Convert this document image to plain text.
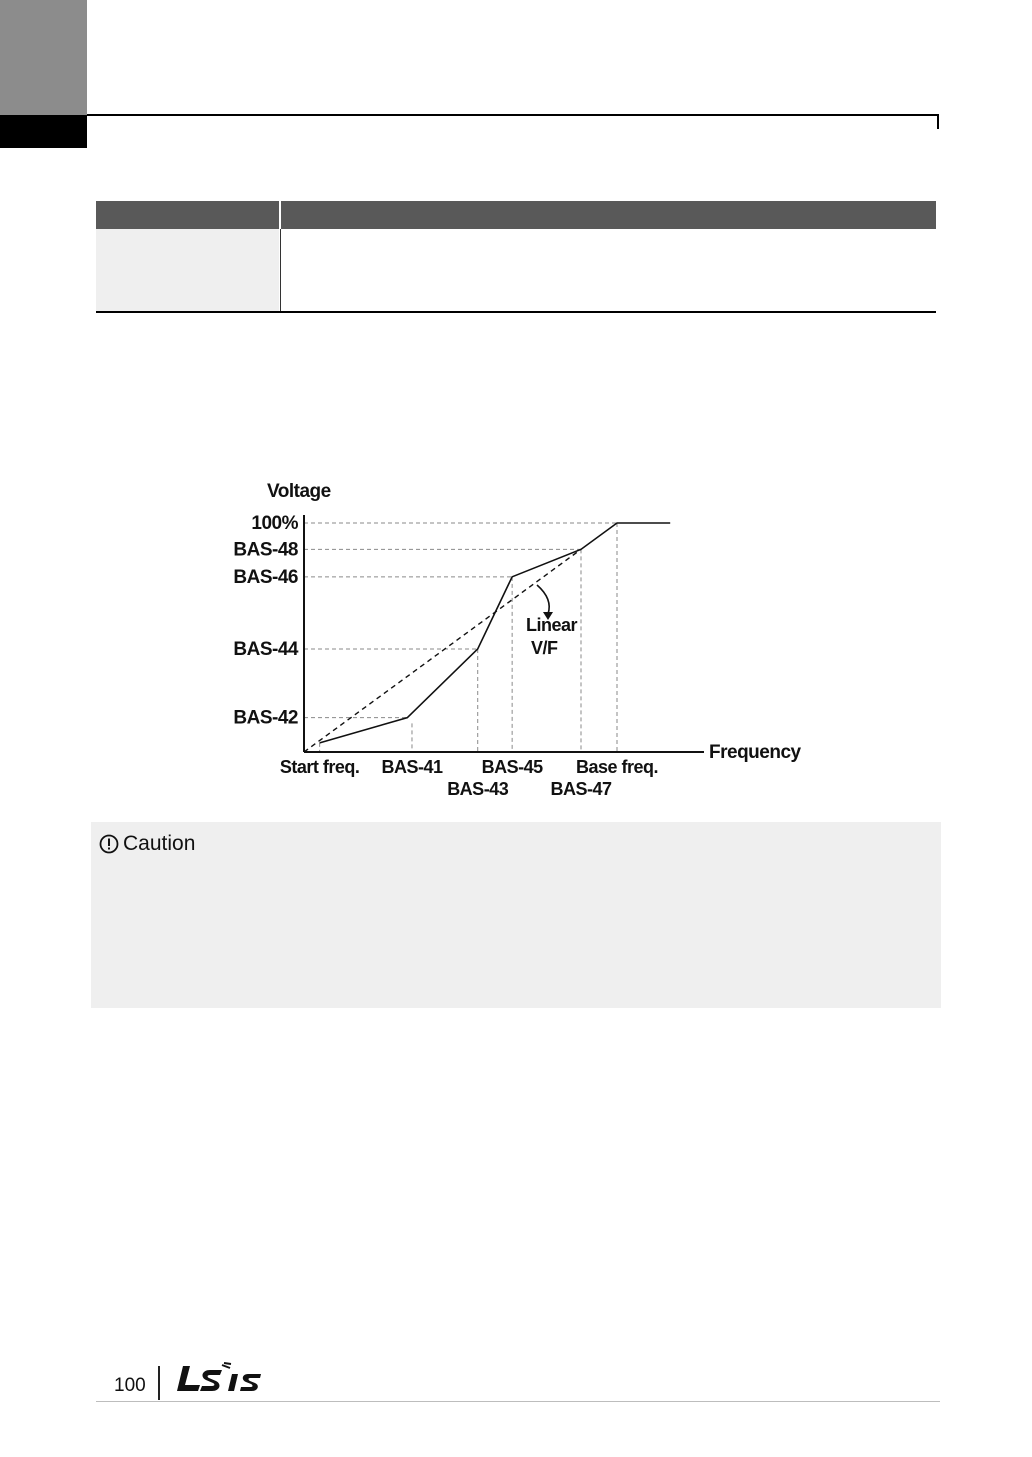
Voltage
Frequency
100%
BAS-48
BAS-46
BAS-44
BAS-42
Start freq. BAS-41
BAS-43
BAS-45
BAS-47
Base freq.
Linear
V/F
Caution
100
